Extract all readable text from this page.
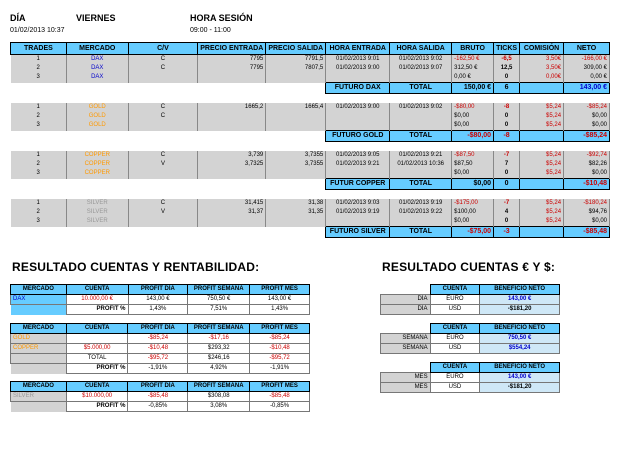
DÍA	VIERNES
01/02/2013 10:37
HORA SESIÓN
09:00 - 11:00
TRADES	MERCADO	C/V	PRECIO ENTRADA	PRECIO SALIDA	HORA ENTRADA	HORA SALIDA	BRUTO	TICKS	COMISIÓN	NETO
1	DAX	C	7795	7791,5	01/02/2013 9:01	01/02/2013 9:02	-162,50 €	-6,5	3,50€	-166,00 €
2	DAX	C	7795	7807,5	01/02/2013 9:00	01/02/2013 9:07	312,50 €	12,5	3,50€	309,00 €
3	DAX						0,00 €	0	0,00€	0,00 €
					FUTURO DAX	TOTAL	150,00 €	6		143,00 €

1	GOLD	C	1665,2	1665,4	01/02/2013 9:00	01/02/2013 9:02	-$80,00	-8	$5,24	-$85,24
2	GOLD	C					$0,00	0	$5,24	$0,00
3	GOLD						$0,00	0	$5,24	$0,00
					FUTURO GOLD	TOTAL	-$80,00	-8		-$85,24

1	COPPER	C	3,739	3,7355	01/02/2013 9:05	01/02/2013 9:21	-$87,50	-7	$5,24	-$92,74
2	COPPER	V	3,7325	3,7355	01/02/2013 9:21	01/02/2013 10:36	$87,50	7	$5,24	$82,26
3	COPPER						$0,00	0	$5,24	$0,00
					FUTUR COPPER	TOTAL	$0,00	0		-$10,48

1	SILVER	C	31,415	31,38	01/02/2013 9:03	01/02/2013 9:19	-$175,00	-7	$5,24	-$180,24
2	SILVER	V	31,37	31,35	01/02/2013 9:19	01/02/2013 9:22	$100,00	4	$5,24	$94,76
3	SILVER						$0,00	0	$5,24	$0,00
					FUTURO SILVER	TOTAL	-$75,00	-3		-$85,48
RESULTADO CUENTAS Y RENTABILIDAD:	RESULTADO CUENTAS € Y $:
MERCADO	CUENTA	PROFIT DÍA	PROFIT SEMANA	PROFIT MES
DAX	10.000,00 €	143,00 €	750,50 €	143,00 €
	PROFIT %	1,43%	7,51%	1,43%
MERCADO	CUENTA	PROFIT DÍA	PROFIT SEMANA	PROFIT MES
GOLD		-$85,24	-$17,16	-$85,24
COPPER	$5.000,00	-$10,48	$293,32	-$10,48
	TOTAL	-$95,72	$246,16	-$95,72
	PROFIT %	-1,91%	4,92%	-1,91%
MERCADO	CUENTA	PROFIT DÍA	PROFIT SEMANA	PROFIT MES
SILVER	$10.000,00	-$85,48	$308,08	-$85,48
	PROFIT %	-0,85%	3,08%	-0,85%
	CUENTA	BENEFICIO NETO
DÍA	EURO	143,00 €
DÍA	USD	-$181,20
	CUENTA	BENEFICIO NETO
SEMANA	EURO	750,50 €
SEMANA	USD	$554,24
	CUENTA	BENEFICIO NETO
MES	EURO	143,00 €
MES	USD	-$181,20
